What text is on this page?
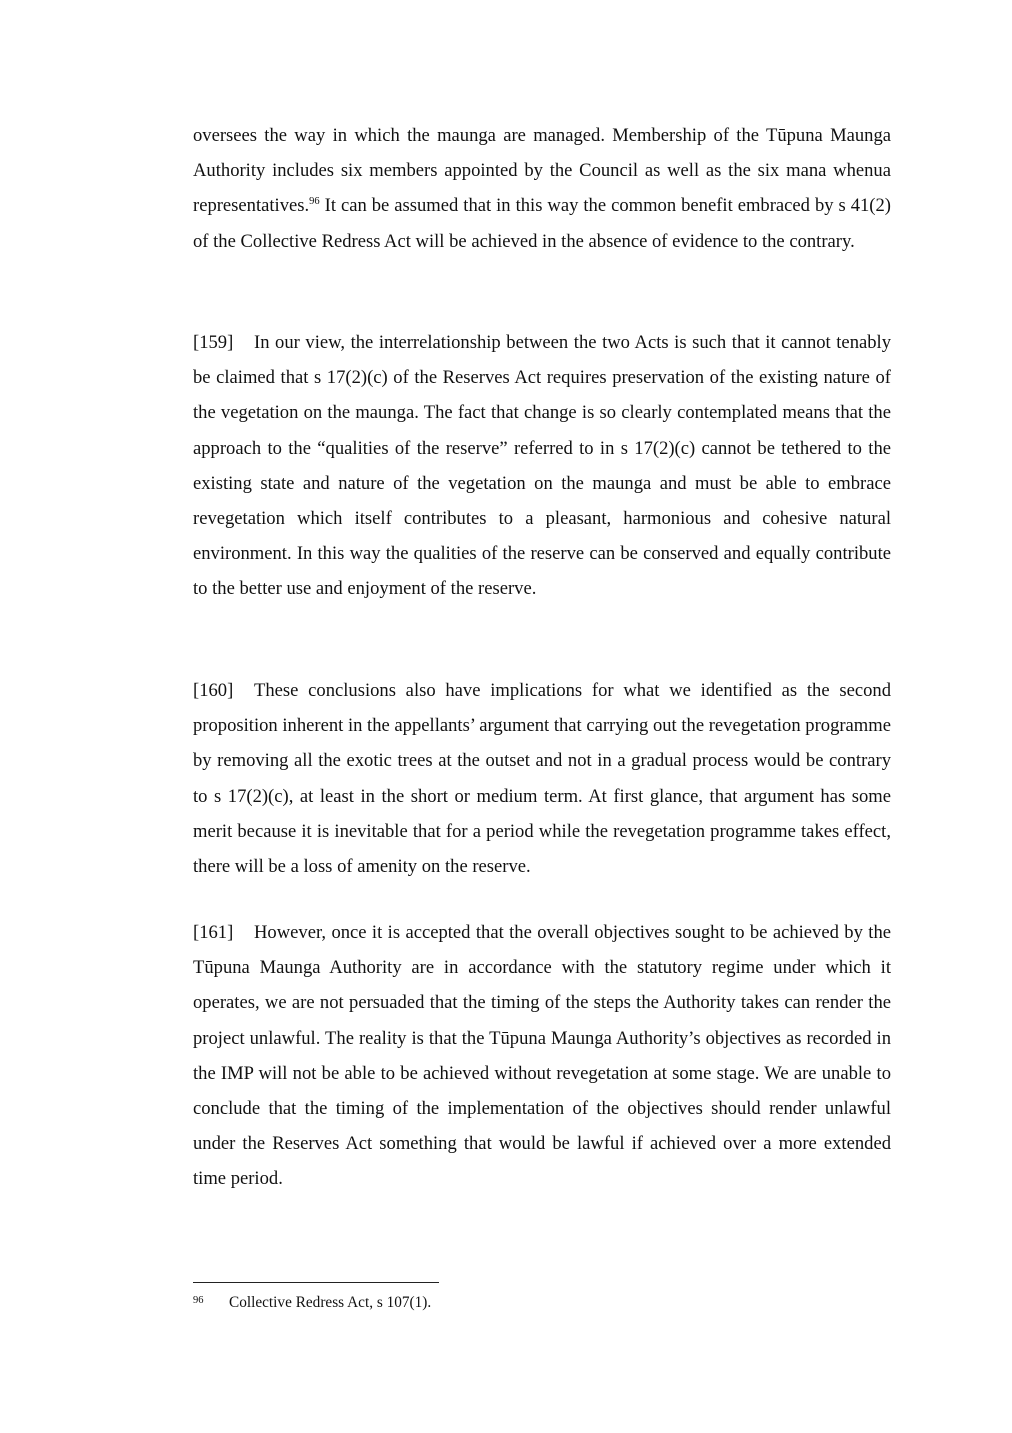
oversees the way in which the maunga are managed. Membership of the Tūpuna Maunga Authority includes six members appointed by the Council as well as the six mana whenua representatives.$^{96}$ It can be assumed that in this way the common benefit embraced by s 41(2) of the Collective Redress Act will be achieved in the absence of evidence to the contrary.

[159] In our view, the interrelationship between the two Acts is such that it cannot tenably be claimed that s 17(2)(c) of the Reserves Act requires preservation of the existing nature of the vegetation on the maunga. The fact that change is so clearly contemplated means that the approach to the “qualities of the reserve” referred to in s 17(2)(c) cannot be tethered to the existing state and nature of the vegetation on the maunga and must be able to embrace revegetation which itself contributes to a pleasant, harmonious and cohesive natural environment. In this way the qualities of the reserve can be conserved and equally contribute to the better use and enjoyment of the reserve.

[160] These conclusions also have implications for what we identified as the second proposition inherent in the appellants’ argument that carrying out the revegetation programme by removing all the exotic trees at the outset and not in a gradual process would be contrary to s 17(2)(c), at least in the short or medium term. At first glance, that argument has some merit because it is inevitable that for a period while the revegetation programme takes effect, there will be a loss of amenity on the reserve.

[161] However, once it is accepted that the overall objectives sought to be achieved by the Tūpuna Maunga Authority are in accordance with the statutory regime under which it operates, we are not persuaded that the timing of the steps the Authority takes can render the project unlawful. The reality is that the Tūpuna Maunga Authority’s objectives as recorded in the IMP will not be able to be achieved without revegetation at some stage. We are unable to conclude that the timing of the implementation of the objectives should render unlawful under the Reserves Act something that would be lawful if achieved over a more extended time period.

96 Collective Redress Act, s 107(1).
